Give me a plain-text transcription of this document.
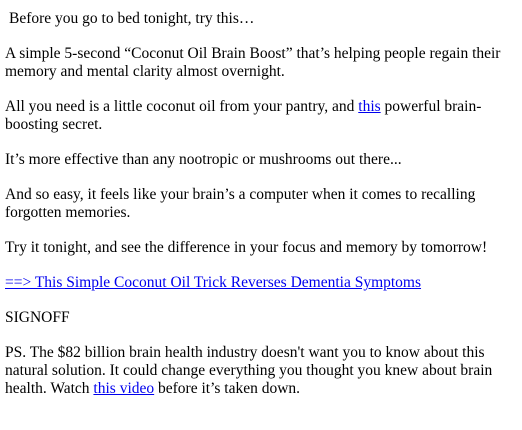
Before you go to bed tonight, try this…

A simple 5-second “Coconut Oil Brain Boost” that’s helping people regain their memory and mental clarity almost overnight.

All you need is a little coconut oil from your pantry, and this powerful brain-boosting secret.

It’s more effective than any nootropic or mushrooms out there...

And so easy, it feels like your brain’s a computer when it comes to recalling forgotten memories.

Try it tonight, and see the difference in your focus and memory by tomorrow!

==> This Simple Coconut Oil Trick Reverses Dementia Symptoms

SIGNOFF

PS. The $82 billion brain health industry doesn't want you to know about this natural solution. It could change everything you thought you knew about brain health. Watch this video before it’s taken down.
